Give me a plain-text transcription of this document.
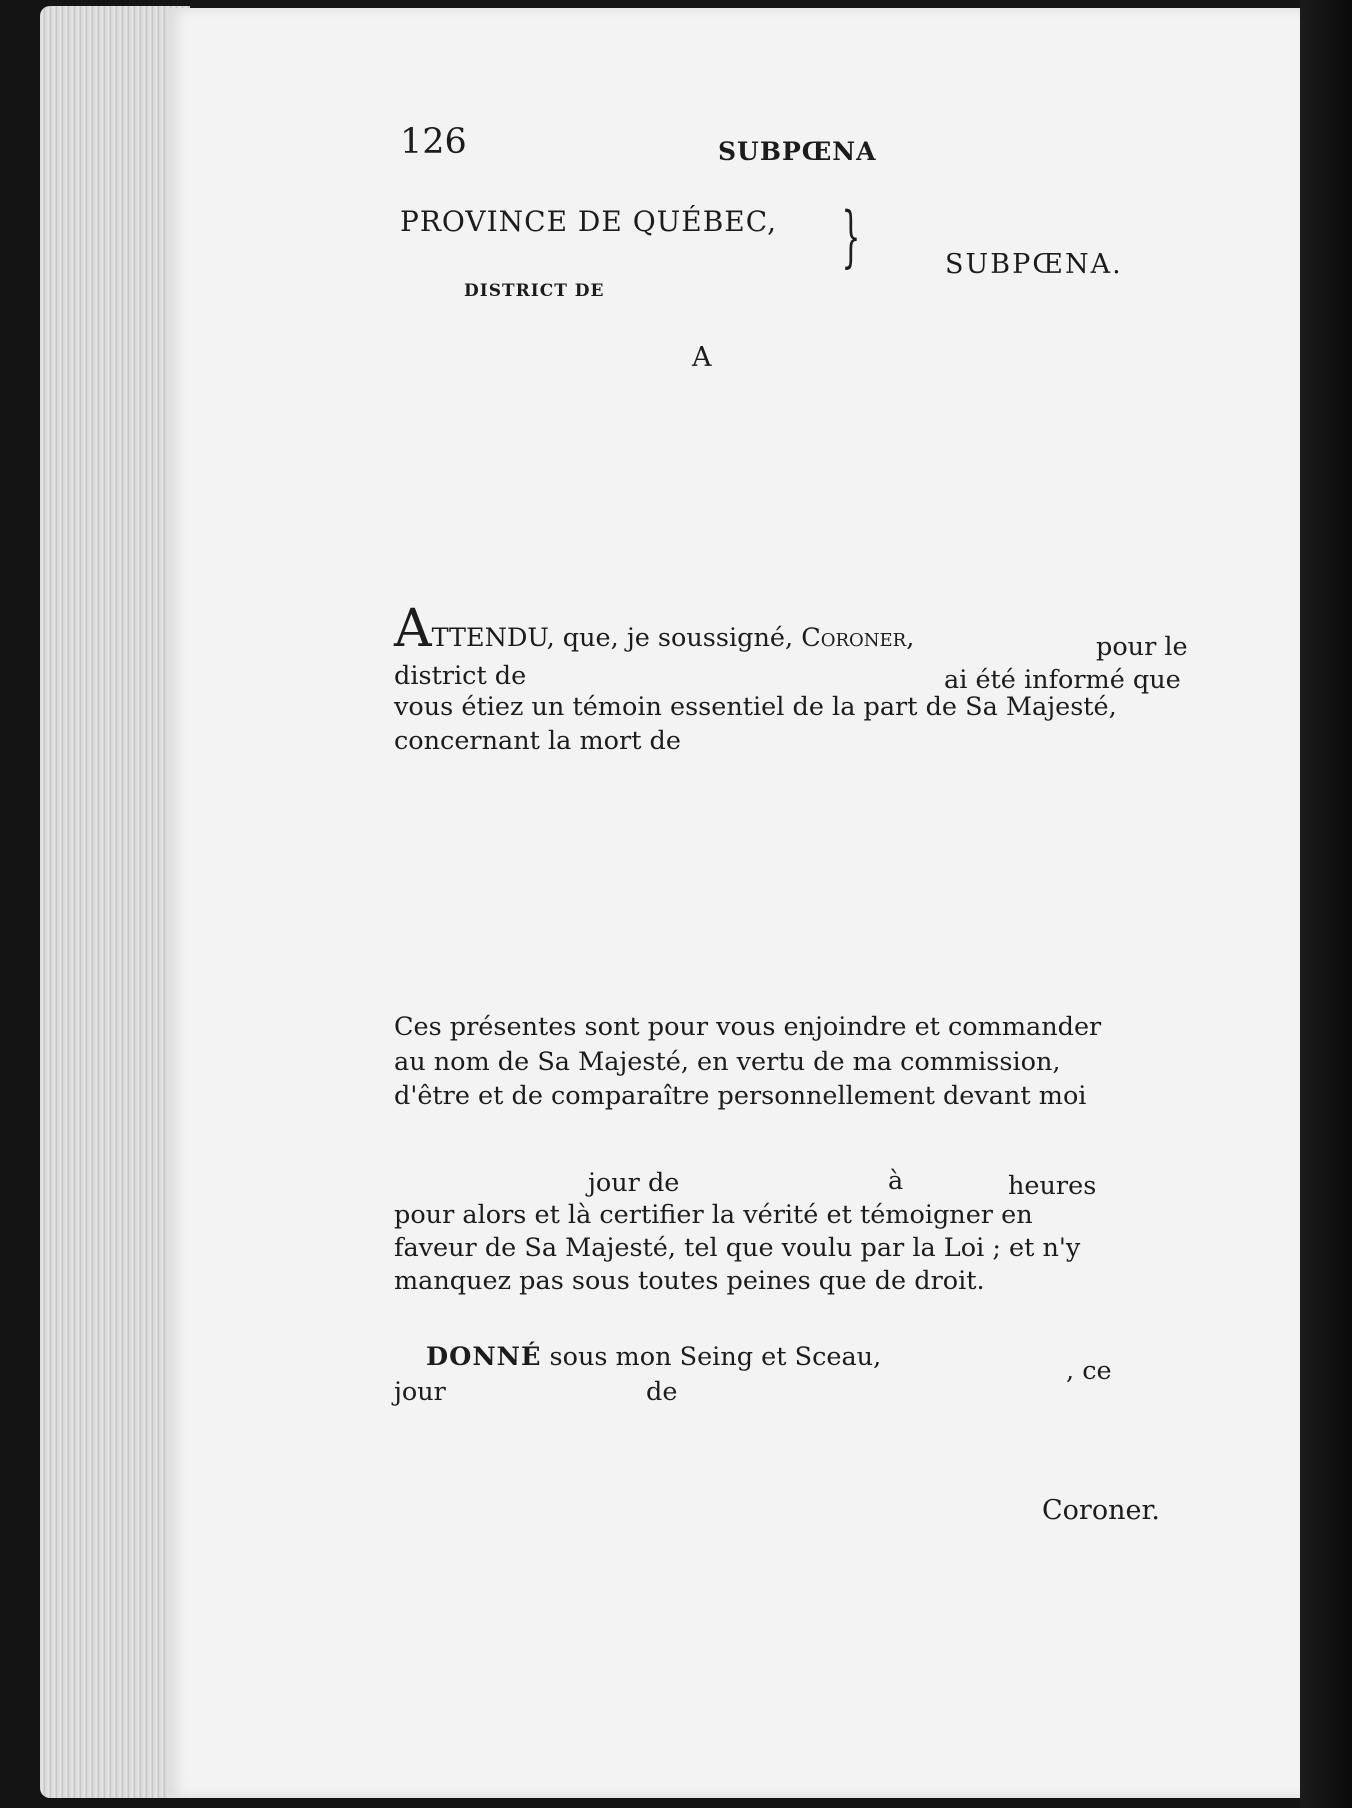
126	SUBPŒNA
PROVINCE DE QUÉBEC,
DISTRICT DE
}	SUBPŒNA.
A
ATTENDU, que, je soussigné, Coroner,	pour le
district de	ai été informé que
vous étiez un témoin essentiel de la part de Sa Majesté,
concernant la mort de
Ces présentes sont pour vous enjoindre et commander
au nom de Sa Majesté, en vertu de ma commission,
d'être et de comparaître personnellement devant moi
jour de	à	heures
pour alors et là certifier la vérité et témoigner en
faveur de Sa Majesté, tel que voulu par la Loi ; et n'y
manquez pas sous toutes peines que de droit.
DONNÉ sous mon Seing et Sceau,	, ce
jour	de
Coroner.
